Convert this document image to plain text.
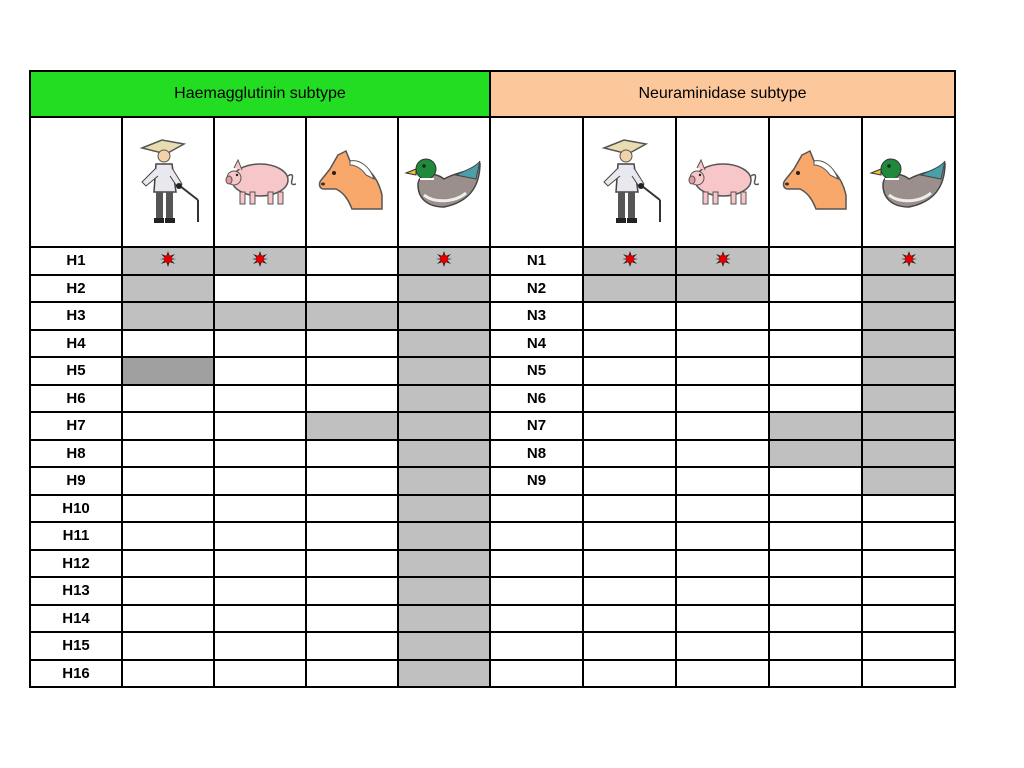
Haemagglutinin subtype					Neuraminidase subtype				

H1					N1				
H2					N2				
H3					N3				
H4					N4				
H5					N5				
H6					N6				
H7					N7				
H8					N8				
H9					N9				
H10									
H11									
H12									
H13									
H14									
H15									
H16									
